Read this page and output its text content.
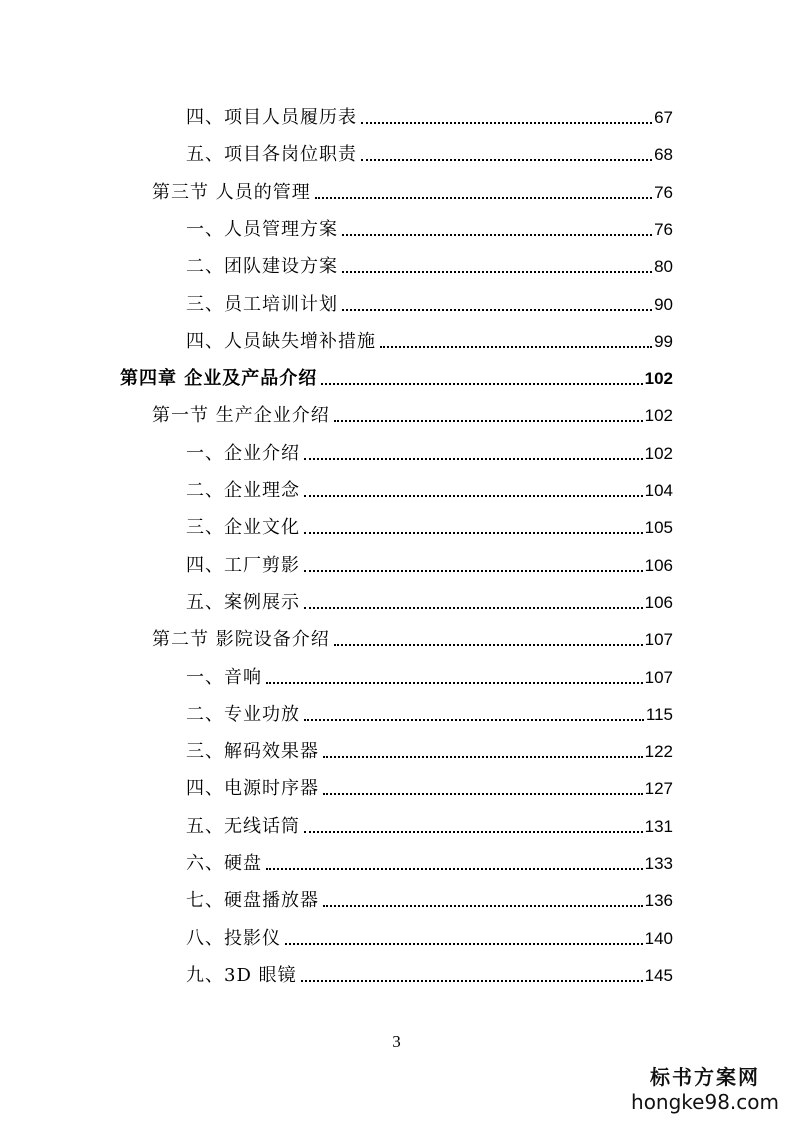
四、项目人员履历表	67
五、项目各岗位职责	68
第三节 人员的管理	76
一、人员管理方案	76
二、团队建设方案	80
三、员工培训计划	90
四、人员缺失增补措施	99
第四章 企业及产品介绍	102
第一节 生产企业介绍	102
一、企业介绍	102
二、企业理念	104
三、企业文化	105
四、工厂剪影	106
五、案例展示	106
第二节 影院设备介绍	107
一、音响	107
二、专业功放	115
三、解码效果器	122
四、电源时序器	127
五、无线话筒	131
六、硬盘	133
七、硬盘播放器	136
八、投影仪	140
九、3D 眼镜	145
3
标书方案网
hongke98.com
